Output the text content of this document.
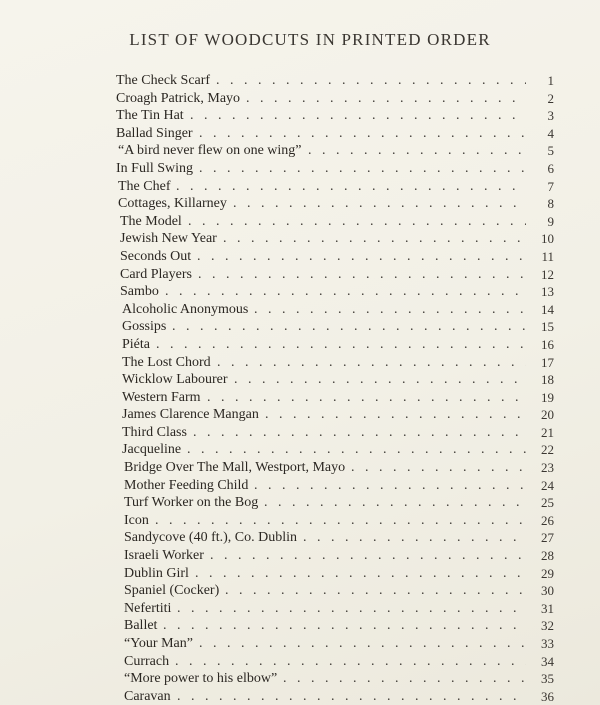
LIST OF WOODCUTS IN PRINTED ORDER
. . .
The Check Scarf	1
. . .
Croagh Patrick, Mayo	2
. . .
The Tin Hat	3
. . .
Ballad Singer	4
. . .
“A bird never flew on one wing”	5
. . .
In Full Swing	6
. . .
The Chef	7
. . .
Cottages, Killarney	8
. . .
The Model	9
. . .
Jewish New Year	10
. . .
Seconds Out	11
. . .
Card Players	12
. . .
Sambo	13
. . .
Alcoholic Anonymous	14
. . .
Gossips	15
. . .
Piéta	16
. . .
The Lost Chord	17
. . .
Wicklow Labourer	18
. . .
Western Farm	19
. . .
James Clarence Mangan	20
. . .
Third Class	21
. . .
Jacqueline	22
. . .
Bridge Over The Mall, Westport, Mayo	23
. . .
Mother Feeding Child	24
. . .
Turf Worker on the Bog	25
. . .
Icon	26
. . .
Sandycove (40 ft.), Co. Dublin	27
. . .
Israeli Worker	28
. . .
Dublin Girl	29
. . .
Spaniel (Cocker)	30
. . .
Nefertiti	31
. . .
Ballet	32
. . .
“Your Man”	33
. . .
Currach	34
. . .
“More power to his elbow”	35
. . .
Caravan	36
